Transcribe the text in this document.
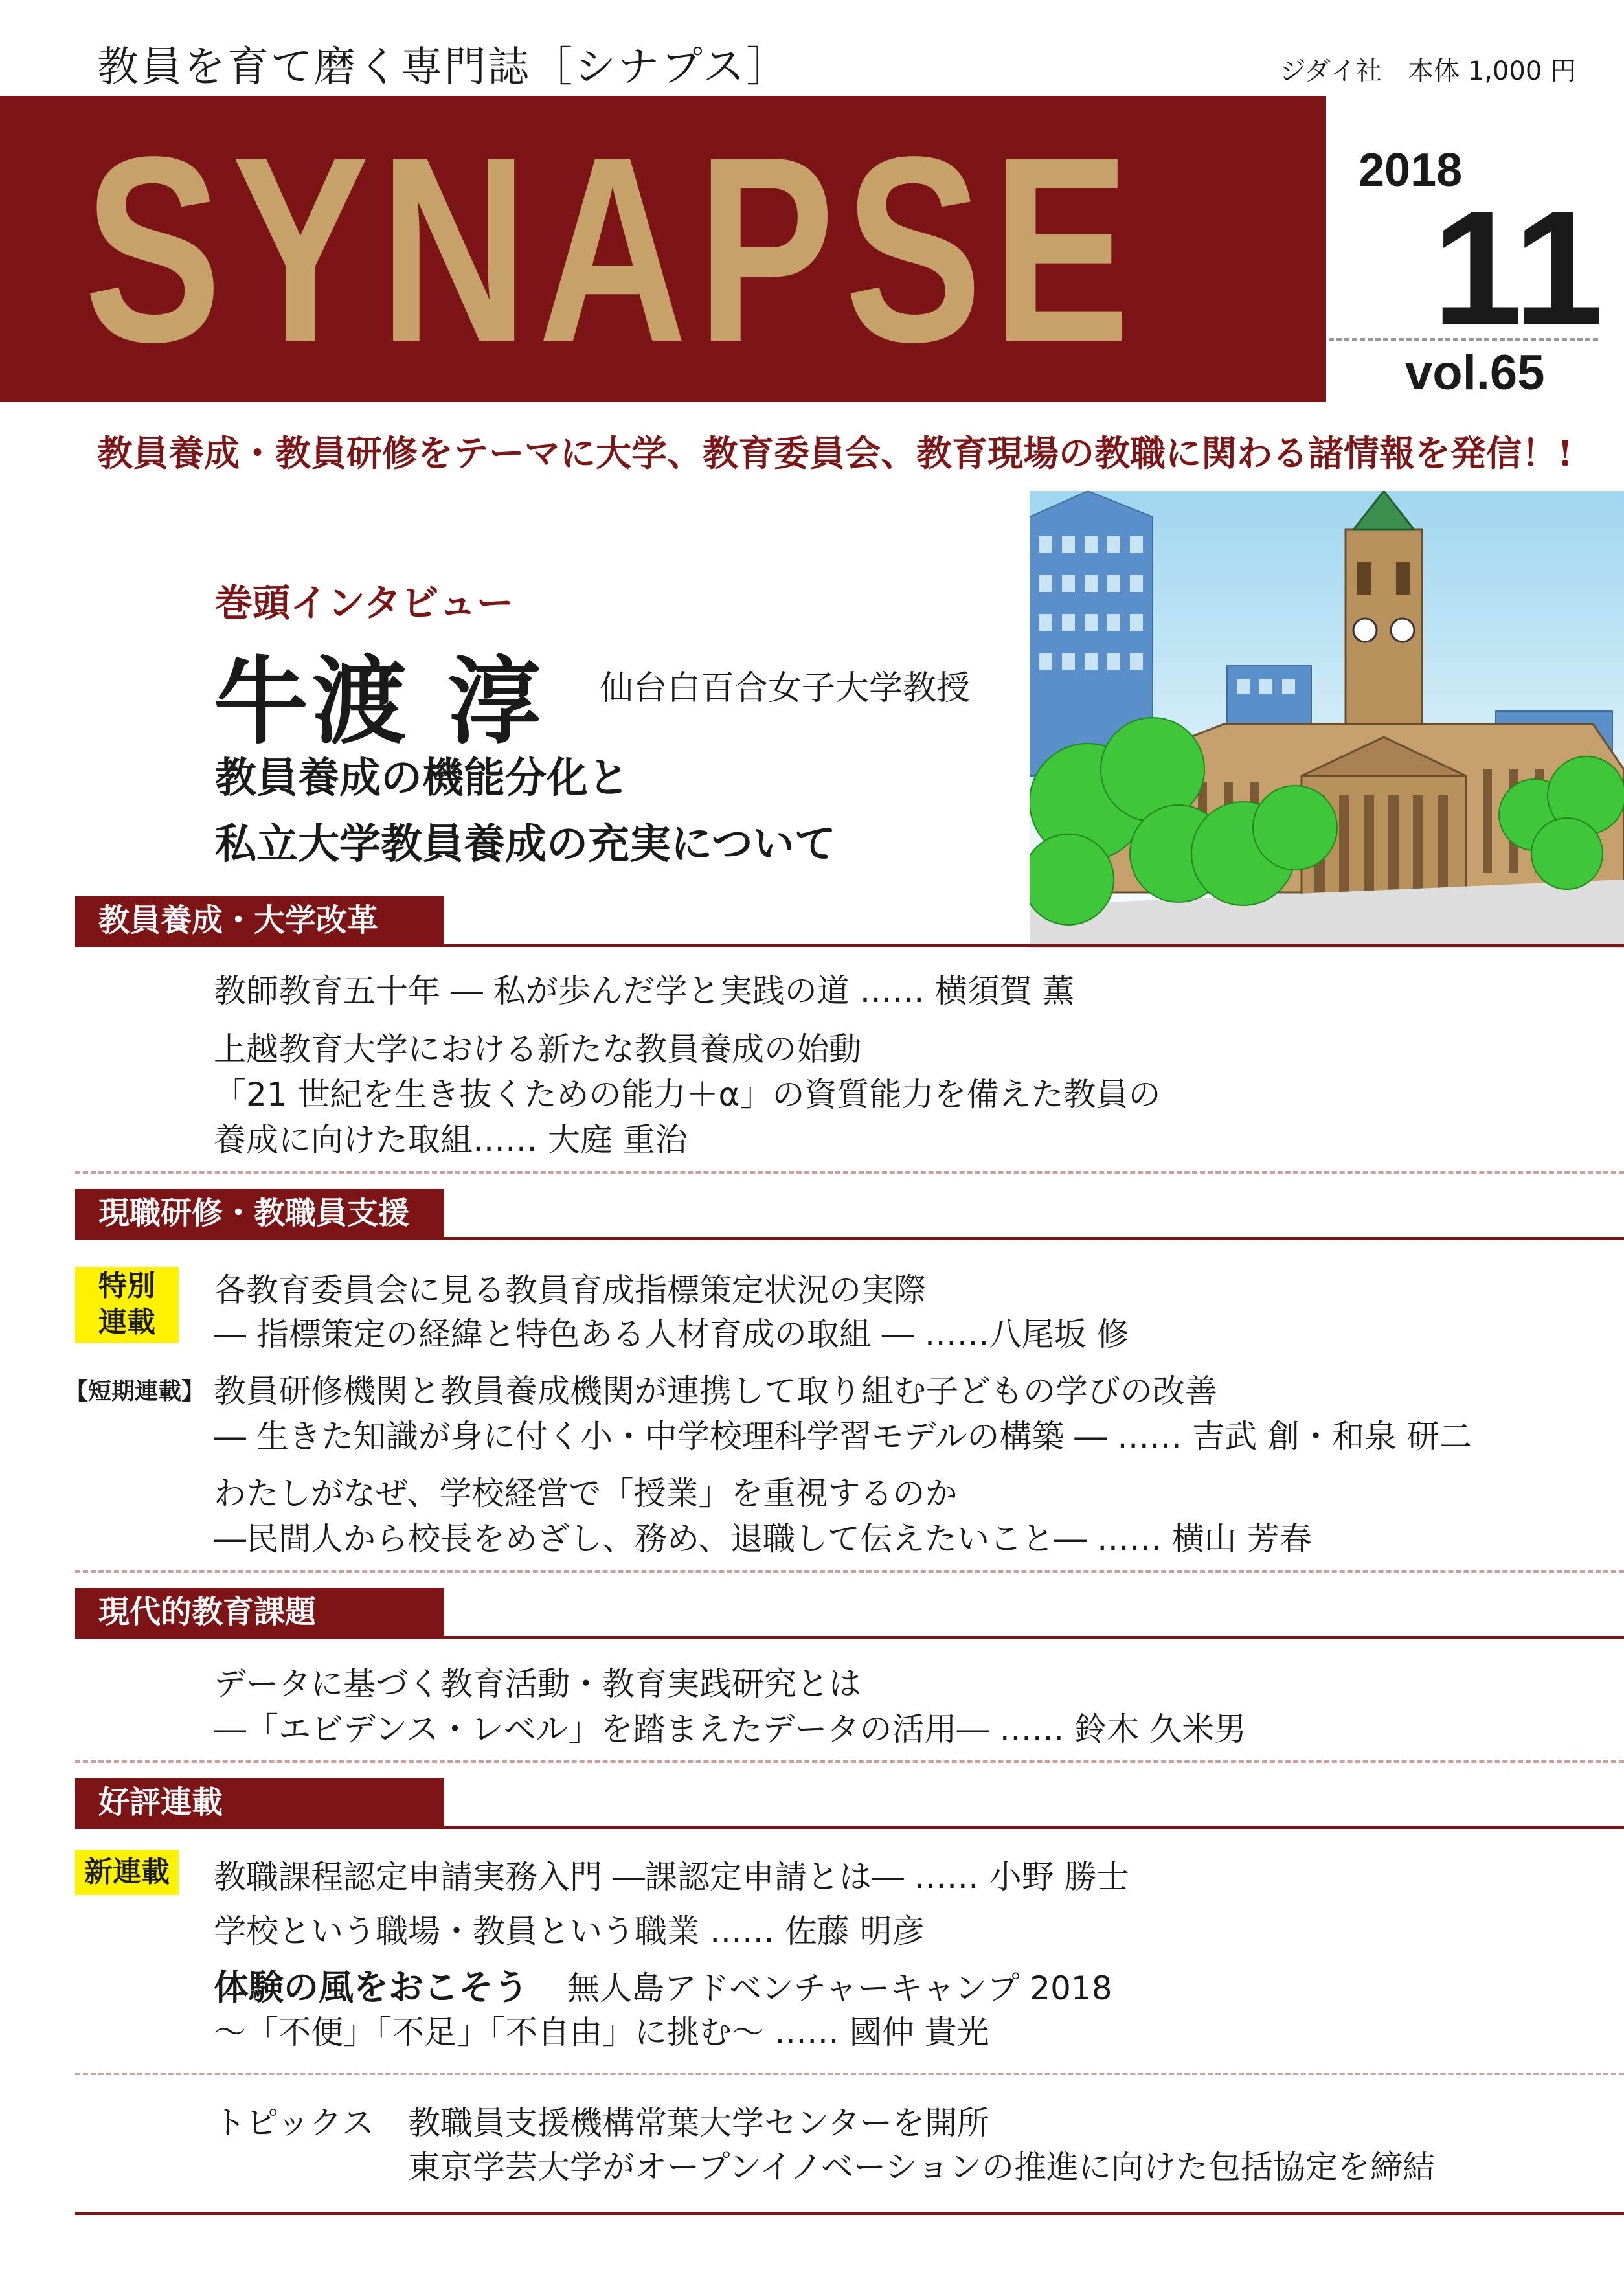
教員を育て磨く専門誌［シナプス］	ジダイ社　本体 1,000 円
SYNAPSE	2018
11
vol.65
教員養成・教員研修をテーマに大学、教育委員会、教育現場の教職に関わる諸情報を発信！!
巻頭インタビュー
牛渡 淳 仙台白百合女子大学教授
教員養成の機能分化と
私立大学教員養成の充実について
教員養成・大学改革
教師教育五十年 ― 私が歩んだ学と実践の道 …… 横須賀 薫
上越教育大学における新たな教員養成の始動
「21 世紀を生き抜くための能力＋α」の資質能力を備えた教員の
養成に向けた取組…… 大庭 重治
現職研修・教職員支援
特別
連載
各教育委員会に見る教員育成指標策定状況の実際
― 指標策定の経緯と特色ある人材育成の取組 ― ……八尾坂 修
【短期連載】 教員研修機関と教員養成機関が連携して取り組む子どもの学びの改善
― 生きた知識が身に付く小・中学校理科学習モデルの構築 ― …… 吉武 創・和泉 研二
わたしがなぜ、学校経営で「授業」を重視するのか
―民間人から校長をめざし、務め、退職して伝えたいこと― …… 横山 芳春
現代的教育課題
データに基づく教育活動・教育実践研究とは
―「エビデンス・レベル」を踏まえたデータの活用― …… 鈴木 久米男
好評連載
新連載 教職課程認定申請実務入門 ―課認定申請とは― …… 小野 勝士
学校という職場・教員という職業 …… 佐藤 明彦
体験の風をおこそう 無人島アドベンチャーキャンプ 2018
～「不便」「不足」「不自由」に挑む～ …… 國仲 貴光
トピックス 教職員支援機構常葉大学センターを開所
東京学芸大学がオープンイノベーションの推進に向けた包括協定を締結
